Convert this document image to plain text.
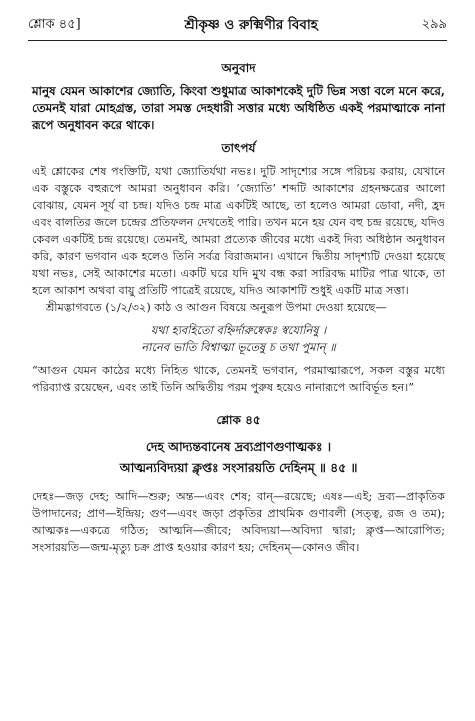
শ্লোক ৪৫]	শ্রীকৃষ্ণ ও রুক্মিণীর বিবাহ	২৯৯
অনুবাদ

মানুষ যেমন আকাশের জ্যোতি, কিংবা শুধুমাত্র আকাশকেই দুটি ভিন্ন সত্তা বলে মনে করে, তেমনই যারা মোহগ্রস্ত, তারা সমস্ত দেহধারী সত্তার মধ্যে অধিষ্ঠিত একই পরমাত্মাকে নানা রূপে অনুধাবন করে থাকে।

তাৎপর্য

এই শ্লোকের শেষ পংক্তিটি, যথা জ্যোতির্যথা নভঃ। দুটি সাদৃশ্যের সঙ্গে পরিচয় করায়, যেখানে এক বস্তুকে বহুরূপে আমরা অনুধাবন করি। ‘জ্যোতি’ শব্দটি আকাশের গ্রহনক্ষত্রের আলো বোঝায়, যেমন সূর্য বা চন্দ্র। যদিও চন্দ্র মাত্র একটিই আছে, তা হলেও আমরা ডোবা, নদী, হ্রদ এবং বালতির জলে চন্দ্রের প্রতিফলন দেখতেই পারি। তখন মনে হয় যেন বহু চন্দ্র রয়েছে, যদিও কেবল একটিই চন্দ্র রয়েছে। তেমনই, আমরা প্রত্যেক জীবের মধ্যে একই দিব্য অধিষ্ঠান অনুধাবন করি, কারণ ভগবান এক হলেও তিনি সর্বত্র বিরাজমান। এখানে দ্বিতীয় সাদৃশ্যটি দেওয়া হয়েছে যথা নভঃ, সেই আকাশের মতো। একটি ঘরে যদি মুখ বন্ধ করা সারিবদ্ধ মাটির পাত্র থাকে, তা হলে আকাশ অথবা বায়ু প্রতিটি পাত্রেই রয়েছে, যদিও আকাশটি শুধুই একটি মাত্র সত্তা।

শ্রীমদ্ভাগবতে (১/২/৩২) কাঠ ও আগুন বিষয়ে অনুরূপ উপমা দেওয়া হয়েছে—

যথা হ্যবহিতো বহ্নির্দারুষ্বেকঃ স্বযোনিষু ।
নানেব ভাতি বিশ্বাত্মা ভূতেষু চ তথা পুমান্ ॥

“আগুন যেমন কাঠের মধ্যে নিহিত থাকে, তেমনই ভগবান, পরমাত্মারূপে, সকল বস্তুর মধ্যে পরিব্যাপ্ত রয়েছেন, এবং তাই তিনি অদ্বিতীয় পরম পুরুষ হয়েও নানারূপে আবির্ভূত হন।”

শ্লোক ৪৫

দেহ আদ্যন্তবানেষ দ্রব্যপ্রাণগুণাত্মকঃ ।

আত্মন্যবিদ্যয়া ক্লৃপ্তঃ সংসারয়তি দেহিনম্ ॥ ৪৫ ॥

দেহঃ—জড় দেহ; আদি—শুরু; অন্ত—এবং শেষ; বান্—রয়েছে; এষঃ—এই; দ্রব্য—প্রাকৃতিক উপাদানের; প্রাণ—ইন্দ্রিয়; গুণ—এবং জড়া প্রকৃতির প্রাথমিক গুণাবলী (সত্ত্ব, রজ ও তম); আত্মকঃ—একত্রে গঠিত; আত্মনি—জীবে; অবিদ্যয়া—অবিদ্যা দ্বারা; ক্লৃপ্ত—আরোপিত; সংসারয়তি—জন্ম-মৃত্যু চক্র প্রাপ্ত হওয়ার কারণ হয়; দেহিনম্—কোনও জীব।
